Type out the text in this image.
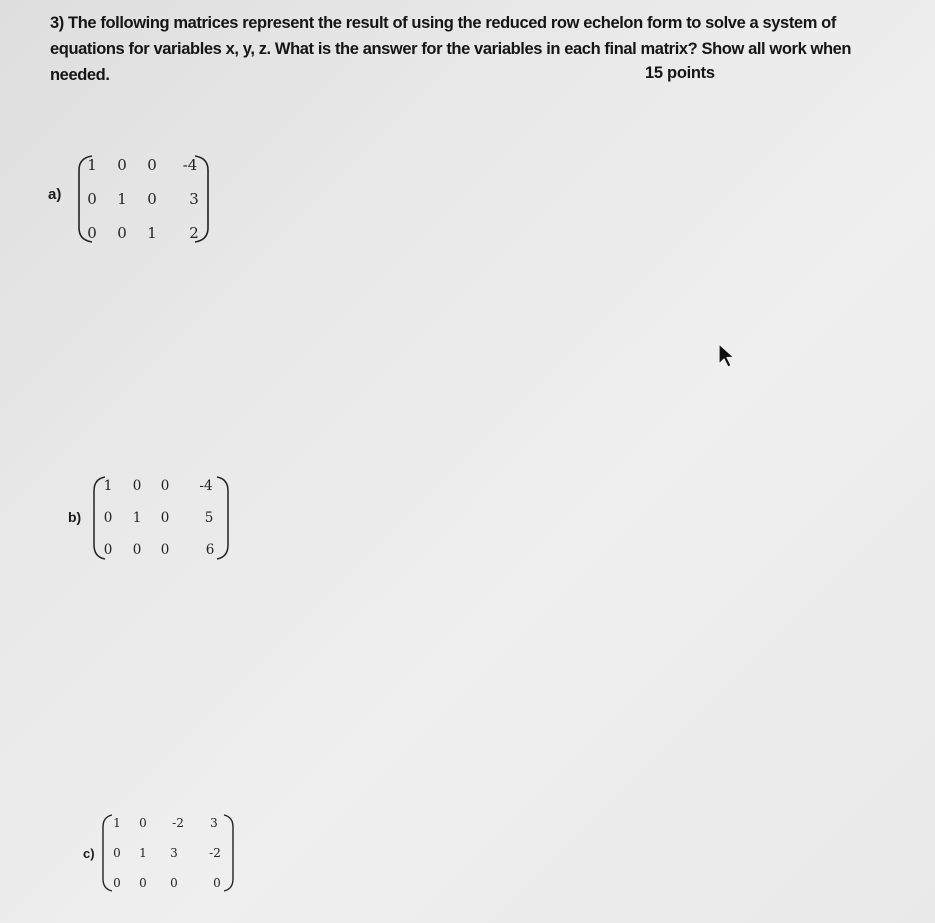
3) The following matrices represent the result of using the reduced row echelon form to solve a system of equations for variables x, y, z. What is the answer for the variables in each final matrix? Show all work when needed.	15 points
a)
1 0 0 -4
0 1 0 3
0 0 1 2
b)
1 0 0 -4
0 1 0	5
0 0 0	6
c)
1 0 -2 3
0 1 3	-2
0 0 0	0
